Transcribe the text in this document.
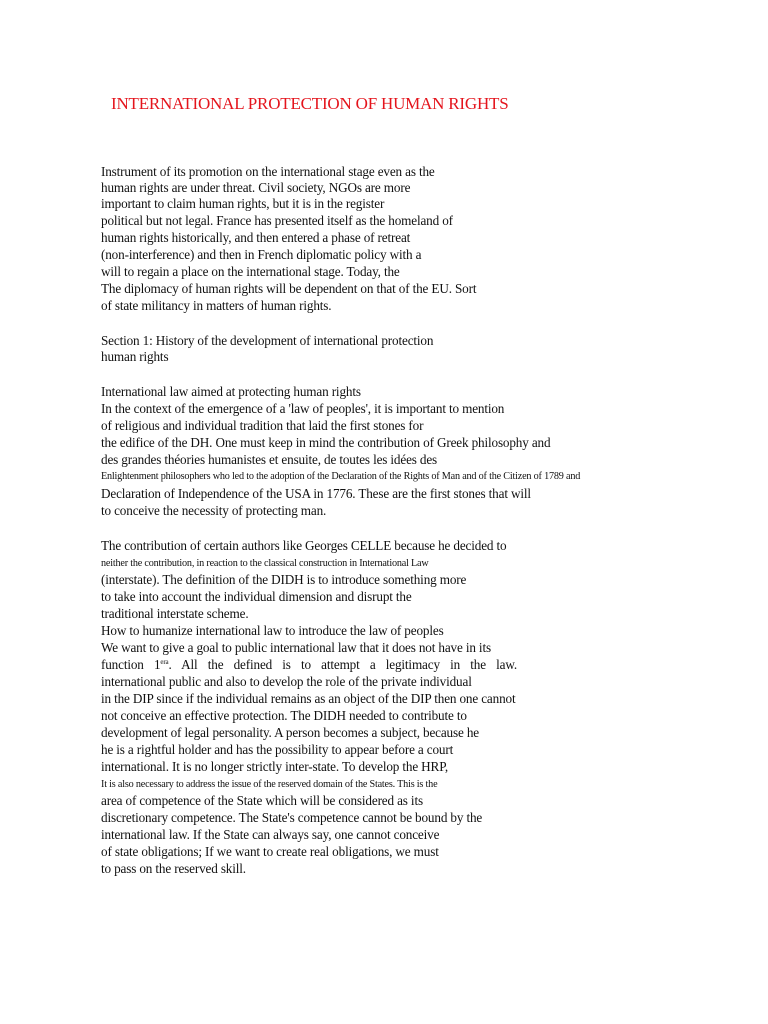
INTERNATIONAL PROTECTION OF HUMAN RIGHTS
Instrument of its promotion on the international stage even as the
human rights are under threat. Civil society, NGOs are more
important to claim human rights, but it is in the register
political but not legal. France has presented itself as the homeland of
human rights historically, and then entered a phase of retreat
(non-interference) and then in French diplomatic policy with a
will to regain a place on the international stage. Today, the
The diplomacy of human rights will be dependent on that of the EU. Sort
of state militancy in matters of human rights.
Section 1: History of the development of international protection
human rights
International law aimed at protecting human rights
In the context of the emergence of a 'law of peoples', it is important to mention
of religious and individual tradition that laid the first stones for
the edifice of the DH. One must keep in mind the contribution of Greek philosophy and
des grandes théories humanistes et ensuite, de toutes les idées des
Enlightenment philosophers who led to the adoption of the Declaration of the Rights of Man and of the Citizen of 1789 and
Declaration of Independence of the USA in 1776. These are the first stones that will
to conceive the necessity of protecting man.
The contribution of certain authors like Georges CELLE because he decided to
neither the contribution, in reaction to the classical construction in International Law
(interstate). The definition of the DIDH is to introduce something more
to take into account the individual dimension and disrupt the
traditional interstate scheme.
How to humanize international law to introduce the law of peoples
We want to give a goal to public international law that it does not have in its
function $1^{era}$. All the defined is to attempt a legitimacy in the law.
international public and also to develop the role of the private individual
in the DIP since if the individual remains as an object of the DIP then one cannot
not conceive an effective protection. The DIDH needed to contribute to
development of legal personality. A person becomes a subject, because he
he is a rightful holder and has the possibility to appear before a court
international. It is no longer strictly inter-state. To develop the HRP,
It is also necessary to address the issue of the reserved domain of the States. This is the
area of competence of the State which will be considered as its
discretionary competence. The State's competence cannot be bound by the
international law. If the State can always say, one cannot conceive
of state obligations; If we want to create real obligations, we must
to pass on the reserved skill.
